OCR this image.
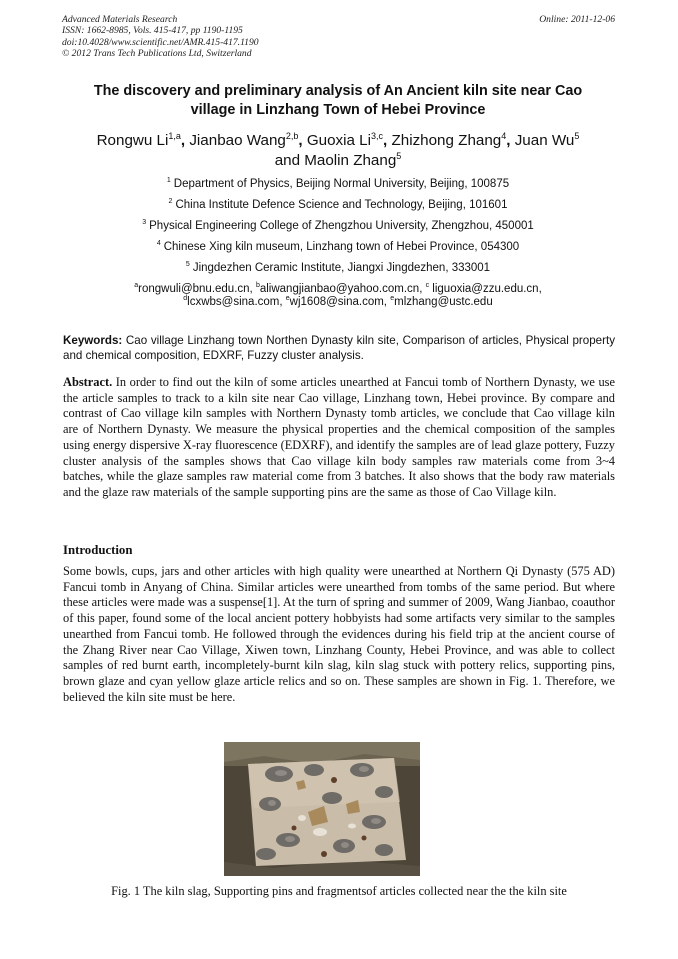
Advanced Materials Research
ISSN: 1662-8985, Vols. 415-417, pp 1190-1195
doi:10.4028/www.scientific.net/AMR.415-417.1190
© 2012 Trans Tech Publications Ltd, Switzerland
Online: 2011-12-06
The discovery and preliminary analysis of An Ancient kiln site near Cao
village in Linzhang Town of Hebei Province
Rongwu Li$^{1,a}$, Jianbao Wang$^{2,b}$, Guoxia Li$^{3,c}$, Zhizhong Zhang$^4$, Juan Wu$^5$
and Maolin Zhang$^5$
$^1$ Department of Physics, Beijing Normal University, Beijing, 100875
$^2$ China Institute Defence Science and Technology, Beijing, 101601
$^3$ Physical Engineering College of Zhengzhou University, Zhengzhou, 450001
$^4$ Chinese Xing kiln museum, Linzhang town of Hebei Province, 054300
$^5$ Jingdezhen Ceramic Institute, Jiangxi Jingdezhen, 333001
$^a$rongwuli@bnu.edu.cn, $^b$aliwangjianbao@yahoo.com.cn, $^c$ liguoxia@zzu.edu.cn,
$^d$lcxwbs@sina.com, $^e$wj1608@sina.com, $^e$mlzhang@ustc.edu
Keywords: Cao village Linzhang town Northen Dynasty kiln site, Comparison of articles, Physical property and chemical composition, EDXRF, Fuzzy cluster analysis.
Abstract. In order to find out the kiln of some articles unearthed at Fancui tomb of Northern Dynasty, we use the article samples to track to a kiln site near Cao village, Linzhang town, Hebei province. By compare and contrast of Cao village kiln samples with Northern Dynasty tomb articles, we conclude that Cao village kiln are of Northern Dynasty. We measure the physical properties and the chemical composition of the samples using energy dispersive X-ray fluorescence (EDXRF), and identify the samples are of lead glaze pottery, Fuzzy cluster analysis of the samples shows that Cao village kiln body samples raw materials come from 3~4 batches, while the glaze samples raw material come from 3 batches. It also shows that the body raw materials and the glaze raw materials of the sample supporting pins are the same as those of Cao Village kiln.
Introduction
Some bowls, cups, jars and other articles with high quality were unearthed at Northern Qi Dynasty (575 AD) Fancui tomb in Anyang of China. Similar articles were unearthed from tombs of the same period. But where these articles were made was a suspense[1]. At the turn of spring and summer of 2009, Wang Jianbao, coauthor of this paper, found some of the local ancient pottery hobbyists had some artifacts very similar to the samples unearthed from Fancui tomb. He followed through the evidences during his field trip at the ancient course of the Zhang River near Cao Village, Xiwen town, Linzhang County, Hebei Province, and was able to collect samples of red burnt earth, incompletely-burnt kiln slag, kiln slag stuck with pottery relics, supporting pins, brown glaze and cyan yellow glaze article relics and so on. These samples are shown in Fig. 1. Therefore, we believed the kiln site must be here.
Fig. 1 The kiln slag, Supporting pins and fragmentsof articles collected near the the kiln site
